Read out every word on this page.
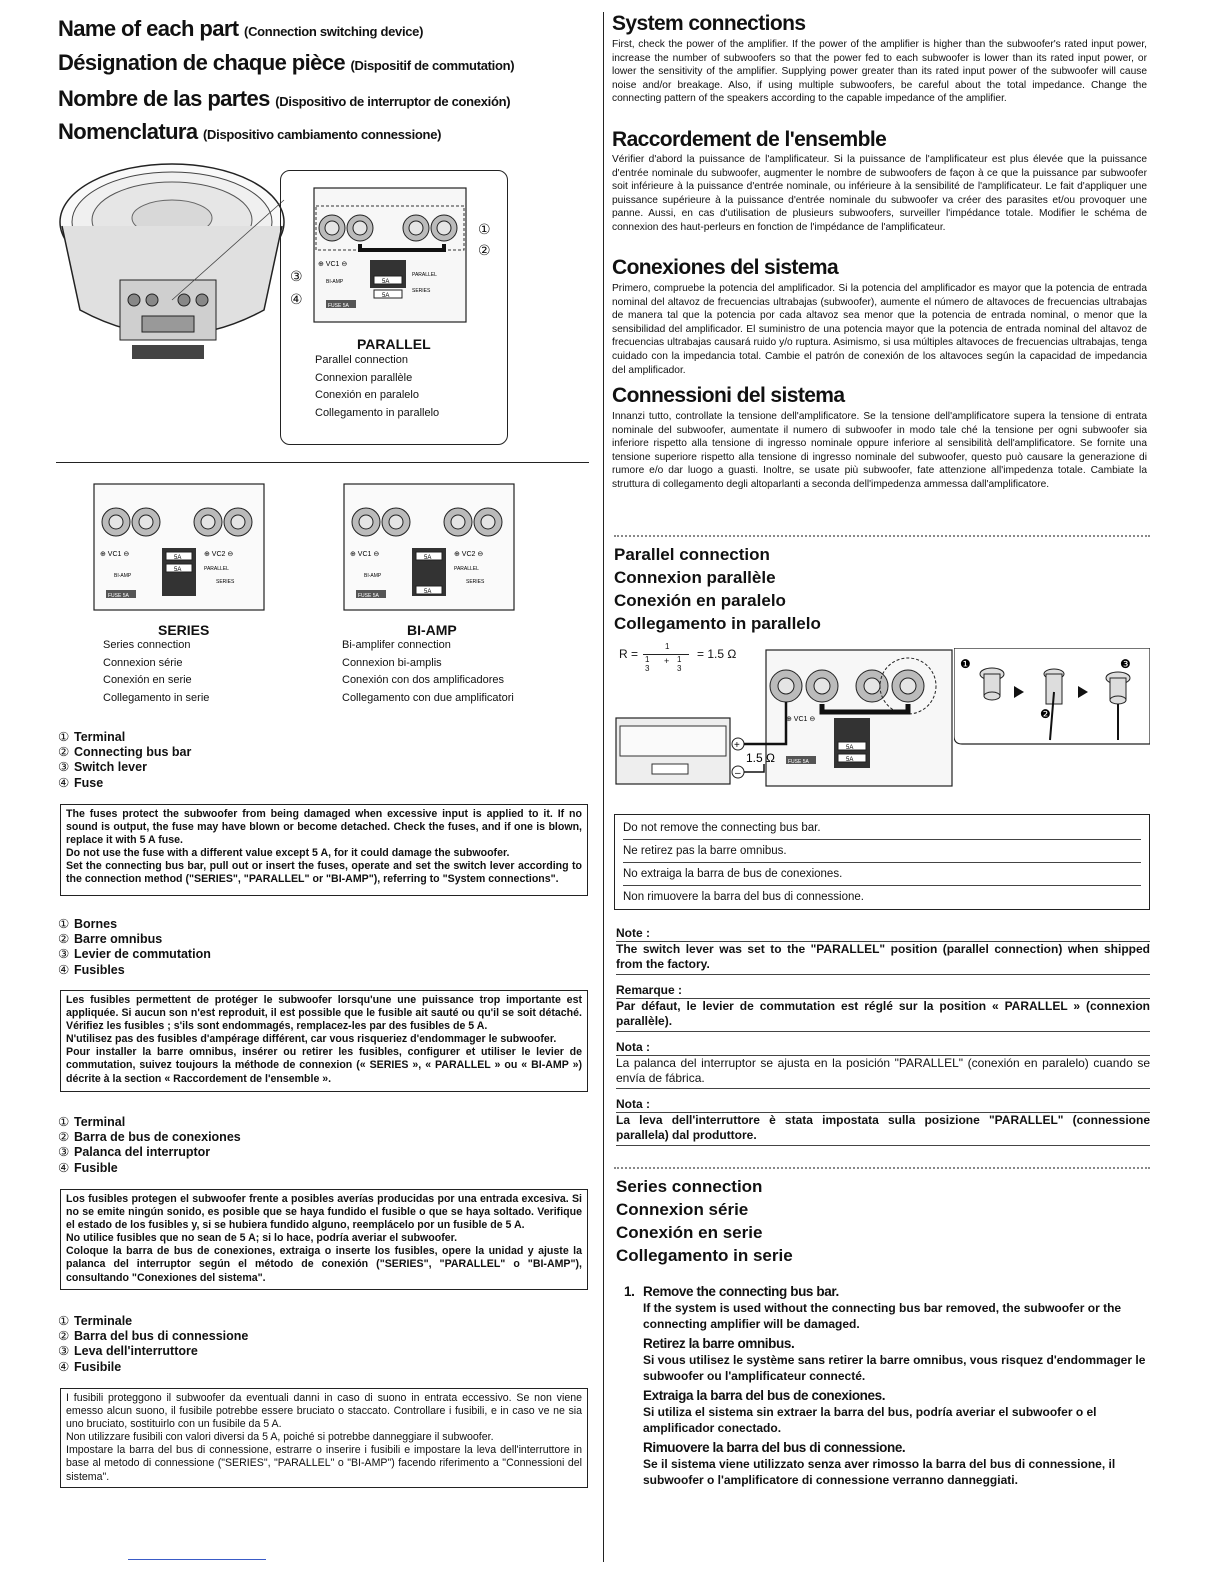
Name of each part (Connection switching device)
Désignation de chaque pièce (Dispositif de commutation)
Nombre de las partes (Dispositivo de interruptor de conexión)
Nomenclatura (Dispositivo cambiamento connessione)
⊕ VC1 ⊖
5A
5A
PARALLEL
SERIES
BI-AMP
FUSE 5A
①
②
③
④
PARALLEL
Parallel connection
Connexion parallèle
Conexión en paralelo
Collegamento in parallelo
⊕ VC1 ⊖	⊕ VC2 ⊖
5A
5A	PARALLEL
SERIES
BI-AMP
FUSE 5A
SERIES
Series connection
Connexion série
Conexión en serie
Collegamento in serie
⊕ VC1 ⊖	⊕ VC2 ⊖
5A
5A
PARALLEL
SERIES
BI-AMP
FUSE 5A
BI-AMP
Bi-amplifer connection
Connexion bi-amplis
Conexión con dos amplificadores
Collegamento con due amplificatori
① Terminal
② Connecting bus bar
③ Switch lever
④ Fuse
The fuses protect the subwoofer from being damaged when excessive input is applied to it. If no sound is output, the fuse may have blown or become detached. Check the fuses, and if one is blown, replace it with 5 A fuse.
Do not use the fuse with a different value except 5 A, for it could damage the subwoofer.
Set the connecting bus bar, pull out or insert the fuses, operate and set the switch lever according to the connection method ("SERIES", "PARALLEL" or "BI-AMP"), referring to "System connections".
① Bornes
② Barre omnibus
③ Levier de commutation
④ Fusibles
Les fusibles permettent de protéger le subwoofer lorsqu'une une puissance trop importante est appliquée. Si aucun son n'est reproduit, il est possible que le fusible ait sauté ou qu'il se soit détaché. Vérifiez les fusibles ; s'ils sont endommagés, remplacez-les par des fusibles de 5 A.
N'utilisez pas des fusibles d'ampérage différent, car vous risqueriez d'endommager le subwoofer.
Pour installer la barre omnibus, insérer ou retirer les fusibles, configurer et utiliser le levier de commutation, suivez toujours la méthode de connexion (« SERIES », « PARALLEL » ou « BI-AMP ») décrite à la section « Raccordement de l'ensemble ».
① Terminal
② Barra de bus de conexiones
③ Palanca del interruptor
④ Fusible
Los fusibles protegen el subwoofer frente a posibles averías producidas por una entrada excesiva. Si no se emite ningún sonido, es posible que se haya fundido el fusible o que se haya soltado. Verifique el estado de los fusibles y, si se hubiera fundido alguno, reemplácelo por un fusible de 5 A.
No utilice fusibles que no sean de 5 A; si lo hace, podría averiar el subwoofer.
Coloque la barra de bus de conexiones, extraiga o inserte los fusibles, opere la unidad y ajuste la palanca del interruptor según el método de conexión ("SERIES", "PARALLEL" o "BI-AMP"), consultando "Conexiones del sistema".
① Terminale
② Barra del bus di connessione
③ Leva dell'interruttore
④ Fusibile
I fusibili proteggono il subwoofer da eventuali danni in caso di suono in entrata eccessivo. Se non viene emesso alcun suono, il fusibile potrebbe essere bruciato o staccato. Controllare i fusibili, e in caso ve ne sia uno bruciato, sostituirlo con un fusibile da 5 A.
Non utilizzare fusibili con valori diversi da 5 A, poiché si potrebbe danneggiare il subwoofer.
Impostare la barra del bus di connessione, estrarre o inserire i fusibili e impostare la leva dell'interruttore in base al metodo di connessione ("SERIES", "PARALLEL" o "BI-AMP") facendo riferimento a "Connessioni del sistema".
System connections
First, check the power of the amplifier. If the power of the amplifier is higher than the subwoofer's rated input power, increase the number of subwoofers so that the power fed to each subwoofer is lower than its rated input power, or lower the sensitivity of the amplifier. Supplying power greater than its rated input power of the subwoofer will cause noise and/or breakage. Also, if using multiple subwoofers, be careful about the total impedance. Change the connecting pattern of the speakers according to the capable impedance of the amplifier.
Raccordement de l'ensemble
Vérifier d'abord la puissance de l'amplificateur. Si la puissance de l'amplificateur est plus élevée que la puissance d'entrée nominale du subwoofer, augmenter le nombre de subwoofers de façon à ce que la puissance par subwoofer soit inférieure à la puissance d'entrée nominale, ou inférieure à la sensibilité de l'amplificateur. Le fait d'appliquer une puissance supérieure à la puissance d'entrée nominale du subwoofer va créer des parasites et/ou provoquer une panne. Aussi, en cas d'utilisation de plusieurs subwoofers, surveiller l'impédance totale. Modifier le schéma de connexion des haut-perleurs en fonction de l'impédance de l'amplificateur.
Conexiones del sistema
Primero, compruebe la potencia del amplificador. Si la potencia del amplificador es mayor que la potencia de entrada nominal del altavoz de frecuencias ultrabajas (subwoofer), aumente el número de altavoces de frecuencias ultrabajas de manera tal que la potencia por cada altavoz sea menor que la potencia de entrada nominal, o menor que la sensibilidad del amplificador. El suministro de una potencia mayor que la potencia de entrada nominal del altavoz de frecuencias ultrabajas causará ruido y/o ruptura. Asimismo, si usa múltiples altavoces de frecuencias ultrabajas, tenga cuidado con la impedancia total. Cambie el patrón de conexión de los altavoces según la capacidad de impedancia del amplificador.
Connessioni del sistema
Innanzi tutto, controllate la tensione dell'amplificatore. Se la tensione dell'amplificatore supera la tensione di entrata nominale del subwoofer, aumentate il numero di subwoofer in modo tale ché la tensione per ogni subwoofer sia inferiore rispetto alla tensione di ingresso nominale oppure inferiore al sensibilità dell'amplificatore. Se fornite una tensione superiore rispetto alla tensione di ingresso nominale del subwoofer, questo può causare la generazione di rumore e/o dar luogo a guasti. Inoltre, se usate più subwoofer, fate attenzione all'impedenza totale. Cambiate la struttura di collegamento degli altoparlanti a seconda dell'impedenza ammessa dall'amplificatore.
Parallel connection
Connexion parallèle
Conexión en paralelo
Collegamento in parallelo
R =
1
1 + 1
3	3
= 1.5 Ω
⊕ VC1 ⊖
5A
5A
FUSE 5A
+
–
1.5 Ω
❶
❷
❸
Do not remove the connecting bus bar.
Ne retirez pas la barre omnibus.
No extraiga la barra de bus de conexiones.
Non rimuovere la barra del bus di connessione.
Note :
The switch lever was set to the "PARALLEL" position (parallel connection) when shipped from the factory.
Remarque :
Par défaut, le levier de commutation est réglé sur la position « PARALLEL » (connexion parallèle).
Nota :
La palanca del interruptor se ajusta en la posición "PARALLEL" (conexión en paralelo) cuando se envía de fábrica.
Nota :
La leva dell'interruttore è stata impostata sulla posizione "PARALLEL" (connessione parallela) dal produttore.
Series connection
Connexion série
Conexión en serie
Collegamento in serie
1. Remove the connecting bus bar.
If the system is used without the connecting bus bar removed, the subwoofer or the connecting amplifier will be damaged.
Retirez la barre omnibus.
Si vous utilisez le système sans retirer la barre omnibus, vous risquez d'endommager le subwoofer ou l'amplificateur connecté.
Extraiga la barra del bus de conexiones.
Si utiliza el sistema sin extraer la barra del bus, podría averiar el subwoofer o el amplificador conectado.
Rimuovere la barra del bus di connessione.
Se il sistema viene utilizzato senza aver rimosso la barra del bus di connessione, il subwoofer o l'amplificatore di connessione verranno danneggiati.
